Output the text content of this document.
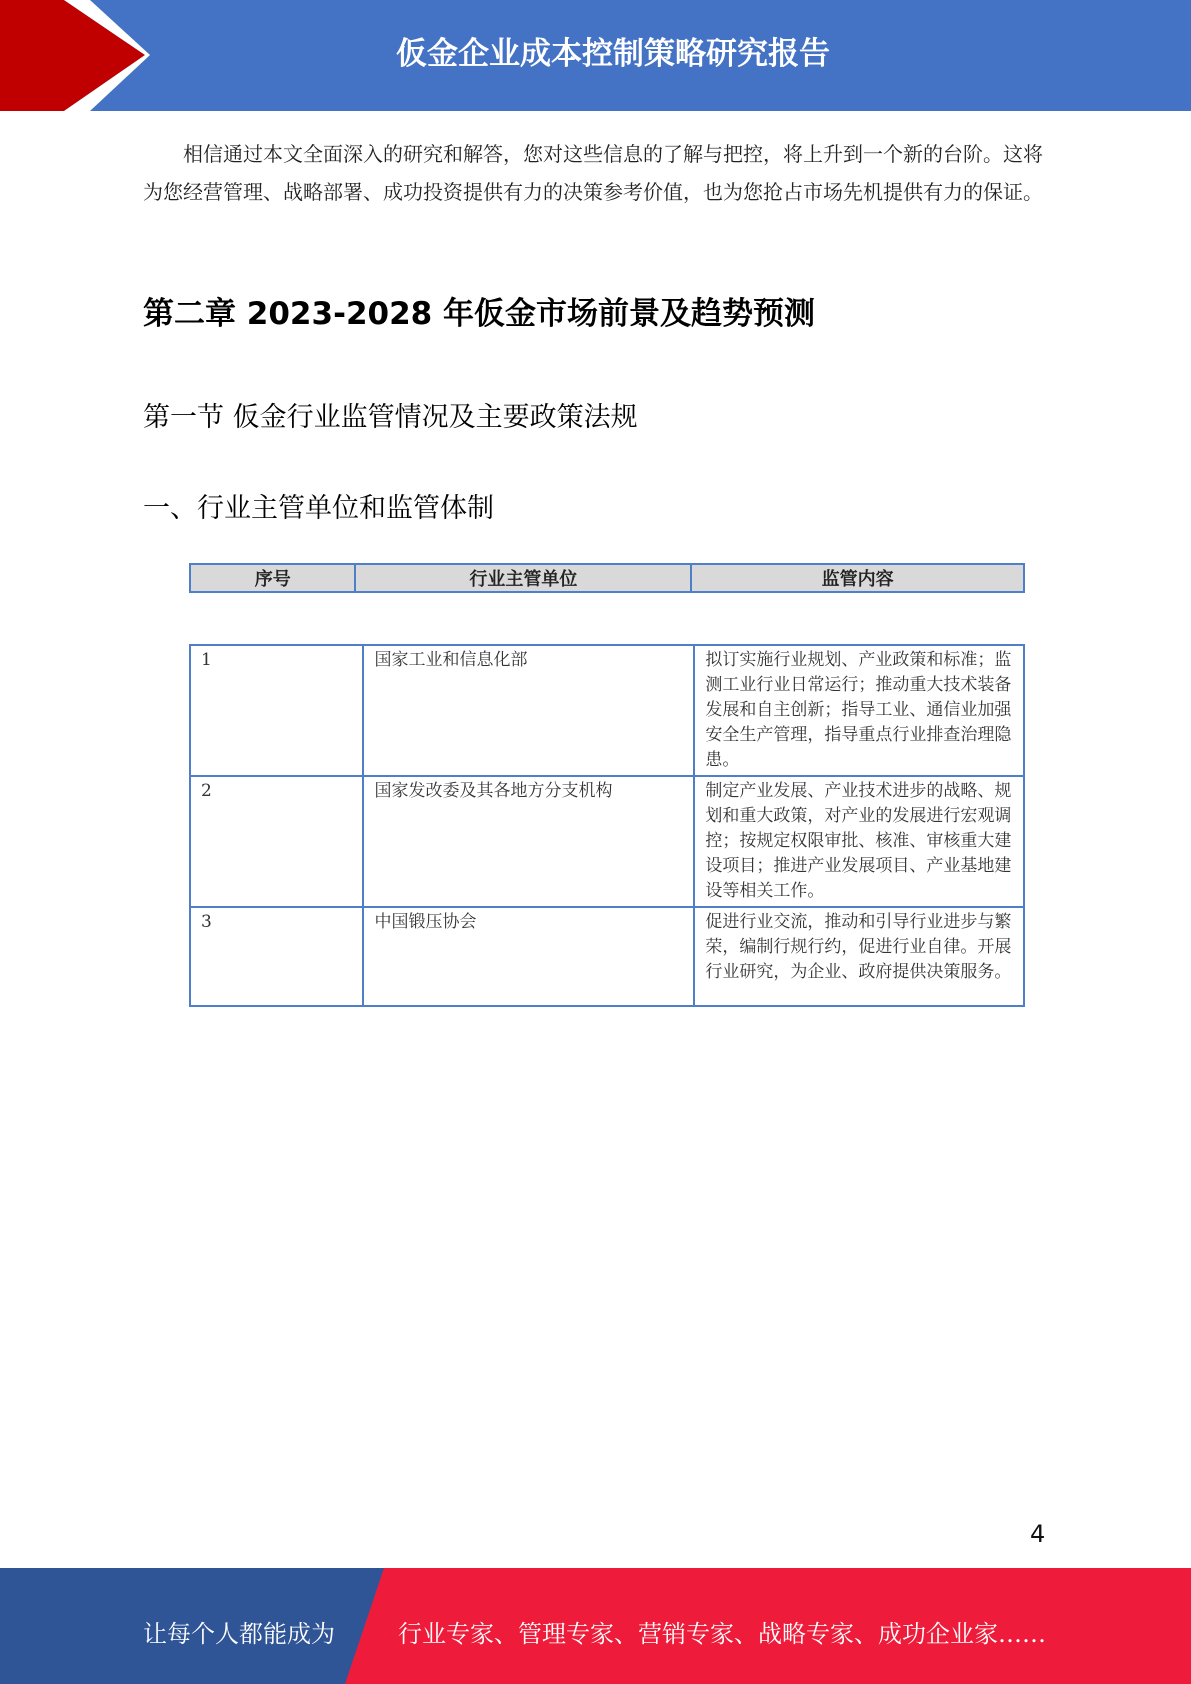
仮金企业成本控制策略研究报告

相信通过本文全面深入的研究和解答，您对这些信息的了解与把控，将上升到一个新的台阶。这将为您经营管理、战略部署、成功投资提供有力的决策参考价值，也为您抢占市场先机提供有力的保证。

第二章 2023-2028 年仮金市场前景及趋势预测
第一节 仮金行业监管情况及主要政策法规
一、行业主管单位和监管体制
序号	行业主管单位	监管内容
1	国家工业和信息化部	拟订实施行业规划、产业政策和标准；监测工业行业日常运行；推动重大技术装备发展和自主创新；指导工业、通信业加强安全生产管理，指导重点行业排查治理隐患。
2	国家发改委及其各地方分支机构	制定产业发展、产业技术进步的战略、规划和重大政策，对产业的发展进行宏观调控；按规定权限审批、核准、审核重大建设项目；推进产业发展项目、产业基地建设等相关工作。
3	中国锻压协会	促进行业交流，推动和引导行业进步与繁荣，编制行规行约，促进行业自律。开展行业研究，为企业、政府提供决策服务。
4
让每个人都能成为	行业专家、管理专家、营销专家、战略专家、成功企业家……
